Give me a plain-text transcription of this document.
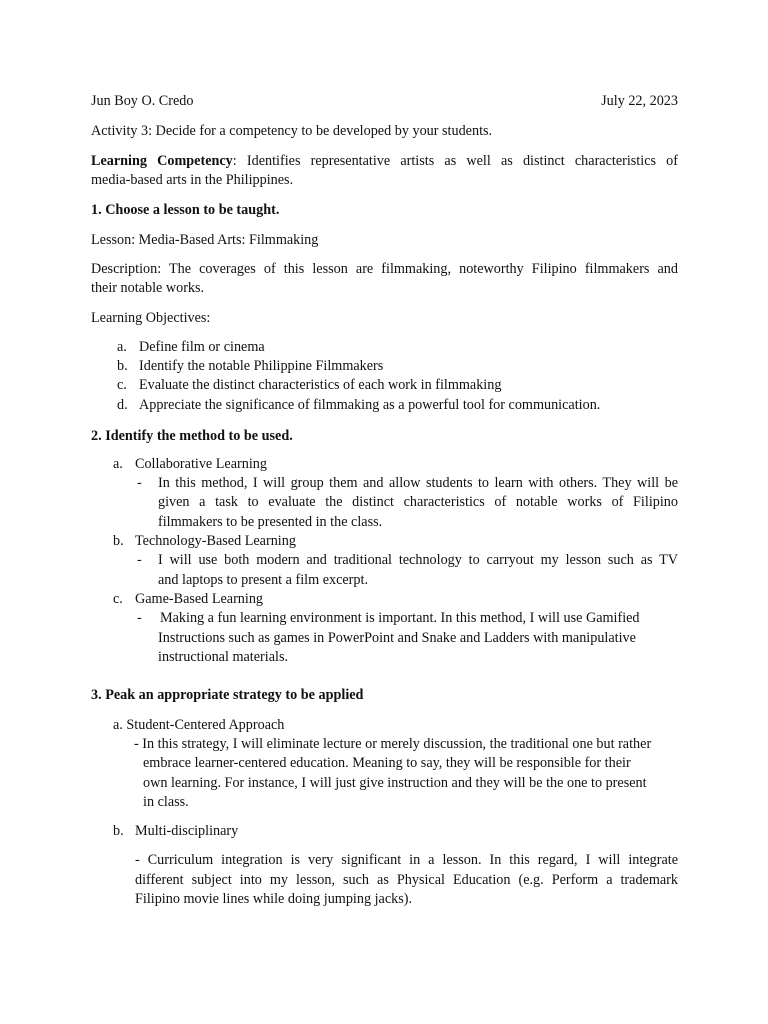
Jun Boy O. Credo	July 22, 2023
Activity 3: Decide for a competency to be developed by your students.
Learning Competency: Identifies representative artists as well as distinct characteristics of
media-based arts in the Philippines.
1. Choose a lesson to be taught.
Lesson: Media-Based Arts: Filmmaking
Description: The coverages of this lesson are filmmaking, noteworthy Filipino filmmakers and
their notable works.
Learning Objectives:
a. Define film or cinema
b. Identify the notable Philippine Filmmakers
c. Evaluate the distinct characteristics of each work in filmmaking
d. Appreciate the significance of filmmaking as a powerful tool for communication.
2. Identify the method to be used.
a. Collaborative Learning
- In this method, I will group them and allow students to learn with others. They will be
given a task to evaluate the distinct characteristics of notable works of Filipino
filmmakers to be presented in the class.
b. Technology-Based Learning
- I will use both modern and traditional technology to carryout my lesson such as TV
and laptops to present a film excerpt.
c. Game-Based Learning
- Making a fun learning environment is important. In this method, I will use Gamified
Instructions such as games in PowerPoint and Snake and Ladders with manipulative
instructional materials.
3. Peak an appropriate strategy to be applied
a. Student-Centered Approach
- In this strategy, I will eliminate lecture or merely discussion, the traditional one but rather
embrace learner-centered education. Meaning to say, they will be responsible for their
own learning. For instance, I will just give instruction and they will be the one to present
in class.
b. Multi-disciplinary
- Curriculum integration is very significant in a lesson. In this regard, I will integrate
different subject into my lesson, such as Physical Education (e.g. Perform a trademark
Filipino movie lines while doing jumping jacks).
